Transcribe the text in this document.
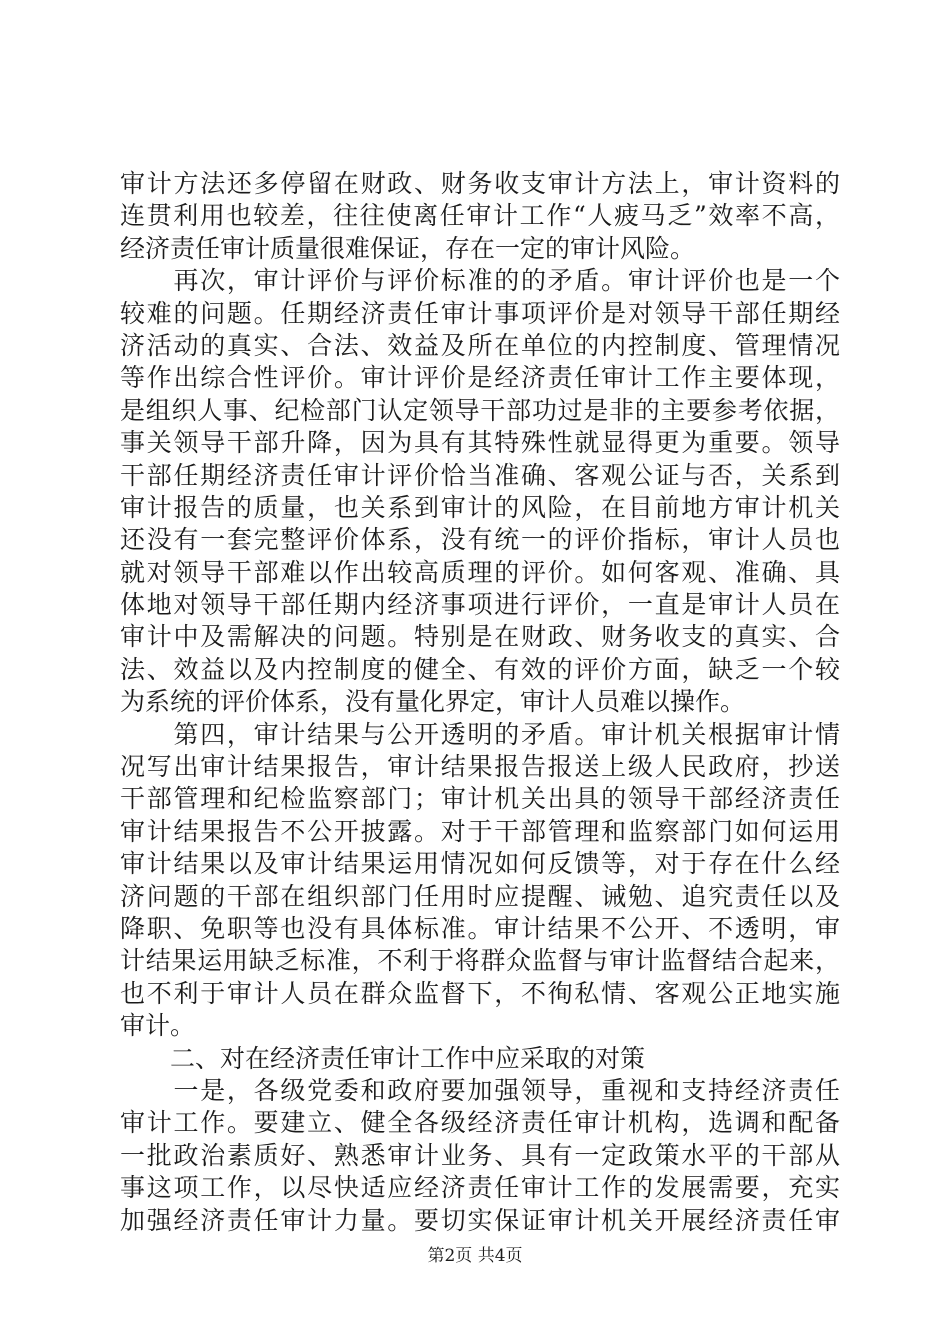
审计方法还多停留在财政、财务收支审计方法上，审计资料的
连贯利用也较差，往往使离任审计工作“人疲马乏”效率不高，
经济责任审计质量很难保证，存在一定的审计风险。
　　再次，审计评价与评价标准的的矛盾。审计评价也是一个
较难的问题。任期经济责任审计事项评价是对领导干部任期经
济活动的真实、合法、效益及所在单位的内控制度、管理情况
等作出综合性评价。审计评价是经济责任审计工作主要体现，
是组织人事、纪检部门认定领导干部功过是非的主要参考依据，
事关领导干部升降，因为具有其特殊性就显得更为重要。领导
干部任期经济责任审计评价恰当准确、客观公证与否，关系到
审计报告的质量，也关系到审计的风险，在目前地方审计机关
还没有一套完整评价体系，没有统一的评价指标，审计人员也
就对领导干部难以作出较高质理的评价。如何客观、准确、具
体地对领导干部任期内经济事项进行评价，一直是审计人员在
审计中及需解决的问题。特别是在财政、财务收支的真实、合
法、效益以及内控制度的健全、有效的评价方面，缺乏一个较
为系统的评价体系，没有量化界定，审计人员难以操作。
　　第四，审计结果与公开透明的矛盾。审计机关根据审计情
况写出审计结果报告，审计结果报告报送上级人民政府，抄送
干部管理和纪检监察部门；审计机关出具的领导干部经济责任
审计结果报告不公开披露。对于干部管理和监察部门如何运用
审计结果以及审计结果运用情况如何反馈等，对于存在什么经
济问题的干部在组织部门任用时应提醒、诫勉、追究责任以及
降职、免职等也没有具体标准。审计结果不公开、不透明，审
计结果运用缺乏标准，不利于将群众监督与审计监督结合起来，
也不利于审计人员在群众监督下，不徇私情、客观公正地实施
审计。
　　二、对在经济责任审计工作中应采取的对策
　　一是，各级党委和政府要加强领导，重视和支持经济责任
审计工作。要建立、健全各级经济责任审计机构，选调和配备
一批政治素质好、熟悉审计业务、具有一定政策水平的干部从
事这项工作，以尽快适应经济责任审计工作的发展需要，充实
加强经济责任审计力量。要切实保证审计机关开展经济责任审
第2页 共4页
